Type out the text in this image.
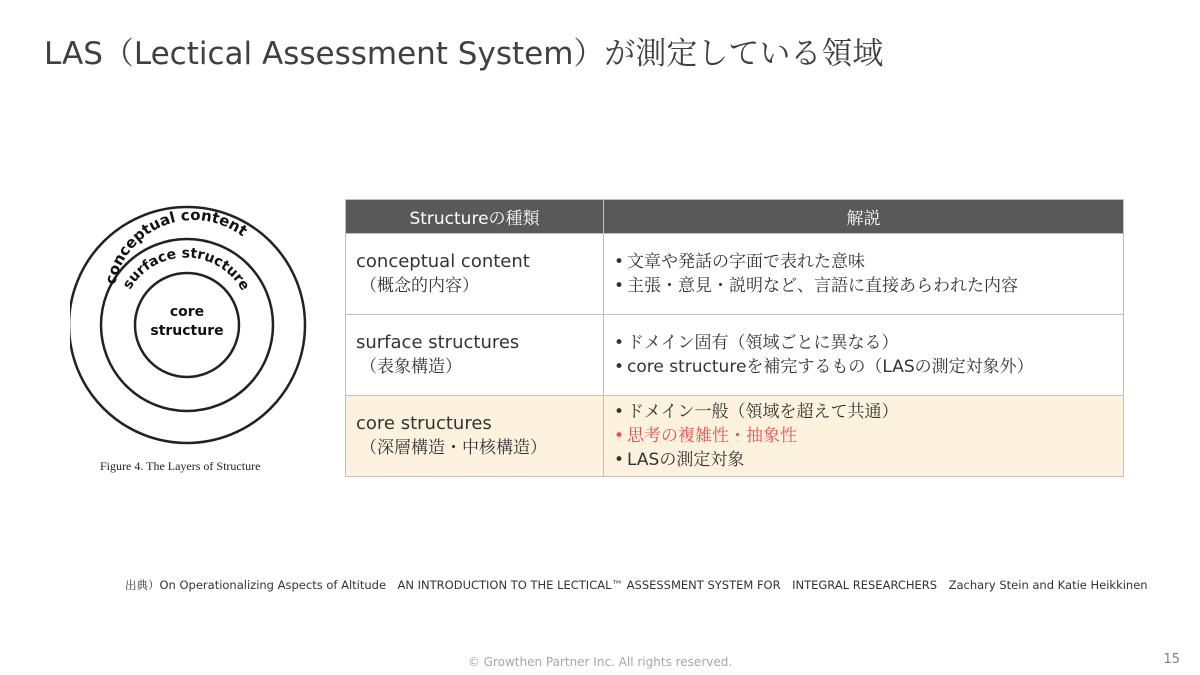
LAS（Lectical Assessment System）が測定している領域
conceptual content
surface structure
core
structure
Figure 4. The Layers of Structure
Structureの種類	解説

conceptual content
（概念的内容）	• 文章や発話の字面で表れた意味
• 主張・意見・説明など、言語に直接あらわれた内容

surface structures
（表象構造）	• ドメイン固有（領域ごとに異なる）
• core structureを補完するもの（LASの測定対象外）

core structures
（深層構造・中核構造）	• ドメイン一般（領域を超えて共通）
• 思考の複雑性・抽象性
• LASの測定対象
出典）On Operationalizing Aspects of Altitude　AN INTRODUCTION TO THE LECTICAL™ ASSESSMENT SYSTEM FOR　INTEGRAL RESEARCHERS　Zachary Stein and Katie Heikkinen
© Growthen Partner Inc. All rights reserved.	15
